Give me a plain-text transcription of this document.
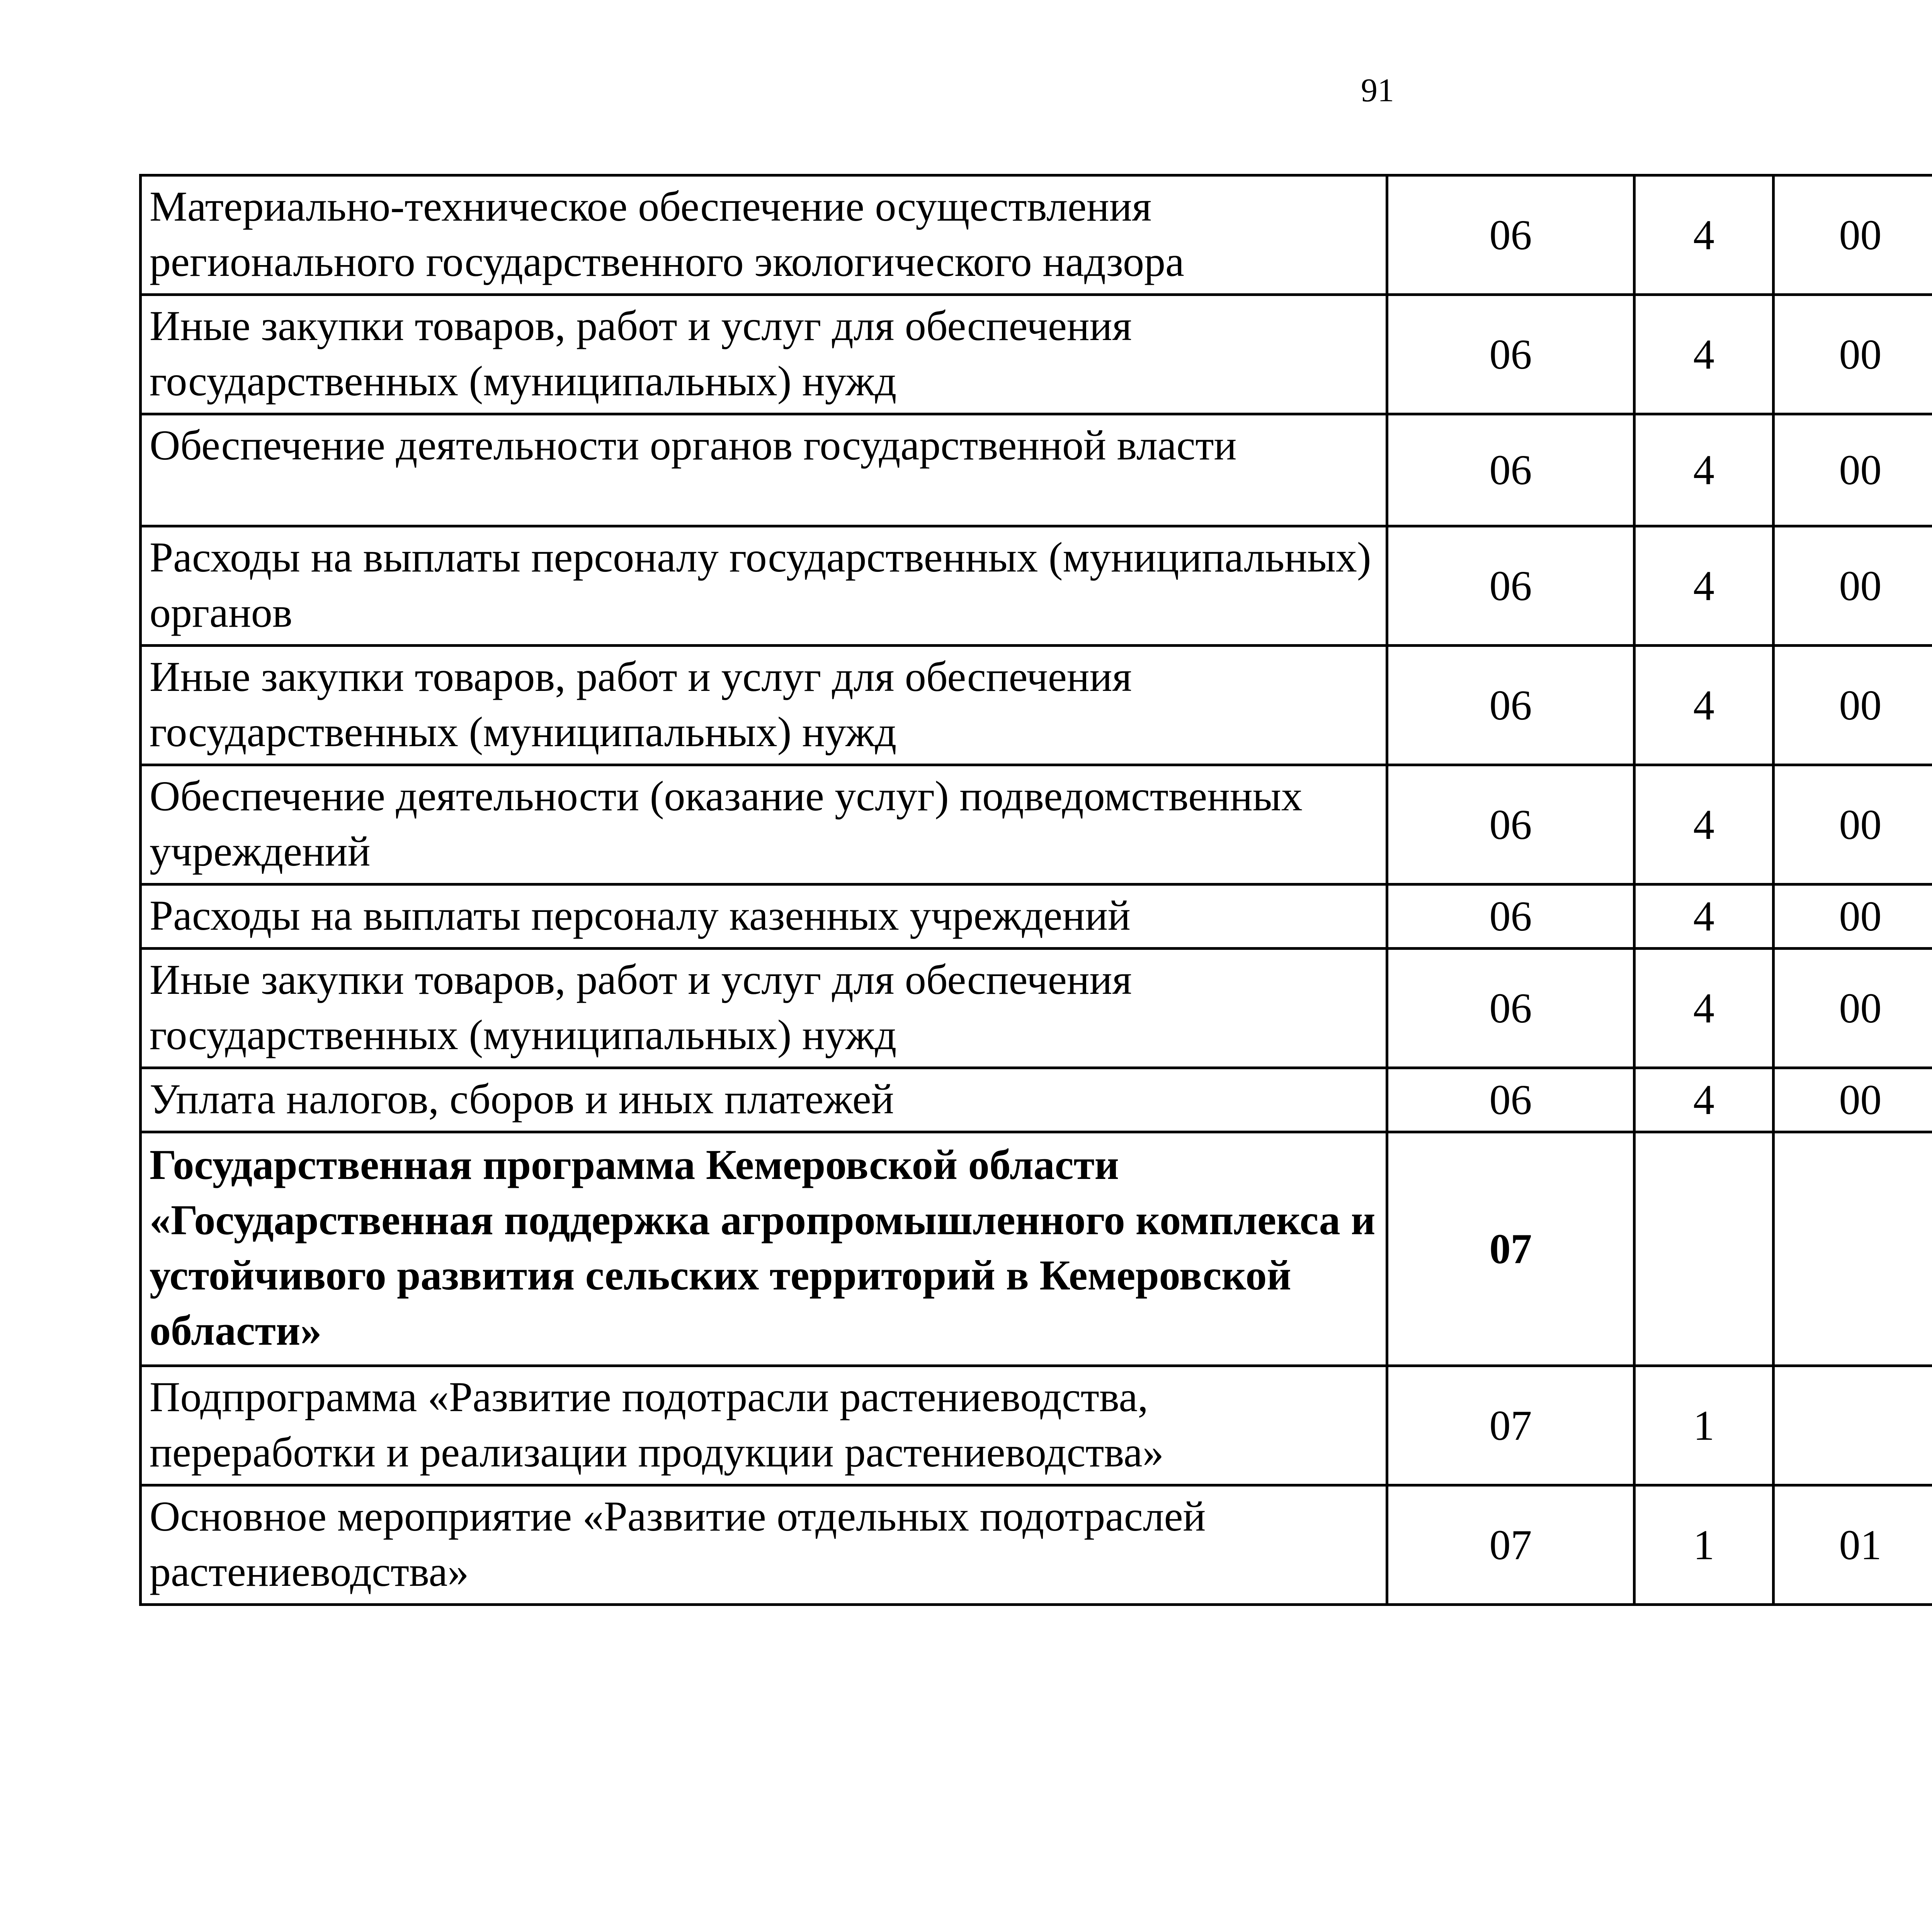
91
Материально-техническое обеспечение осуществления регионального государственного экологического надзора	06	4	00			
Иные закупки товаров, работ и услуг для обеспечения государственных (муниципальных) нужд	06	4	00			
Обеспечение деятельности органов государственной власти	06	4	00			
Расходы на выплаты персоналу государственных (муниципальных) органов	06	4	00			
Иные закупки товаров, работ и услуг для обеспечения государственных (муниципальных) нужд	06	4	00			
Обеспечение деятельности (оказание услуг) подведомственных учреждений	06	4	00			
Расходы на выплаты персоналу казенных учреждений	06	4	00			
Иные закупки товаров, работ и услуг для обеспечения государственных (муниципальных) нужд	06	4	00			
Уплата налогов, сборов и иных платежей	06	4	00			
Государственная программа Кемеровской области «Государственная поддержка агропромышленного комплекса и устойчивого развития сельских территорий в Кемеровской области»	07					
Подпрограмма «Развитие подотрасли растениеводства, переработки и реализации продукции растениеводства»	07	1				
Основное мероприятие «Развитие отдельных подотраслей растениеводства»	07	1	01			
